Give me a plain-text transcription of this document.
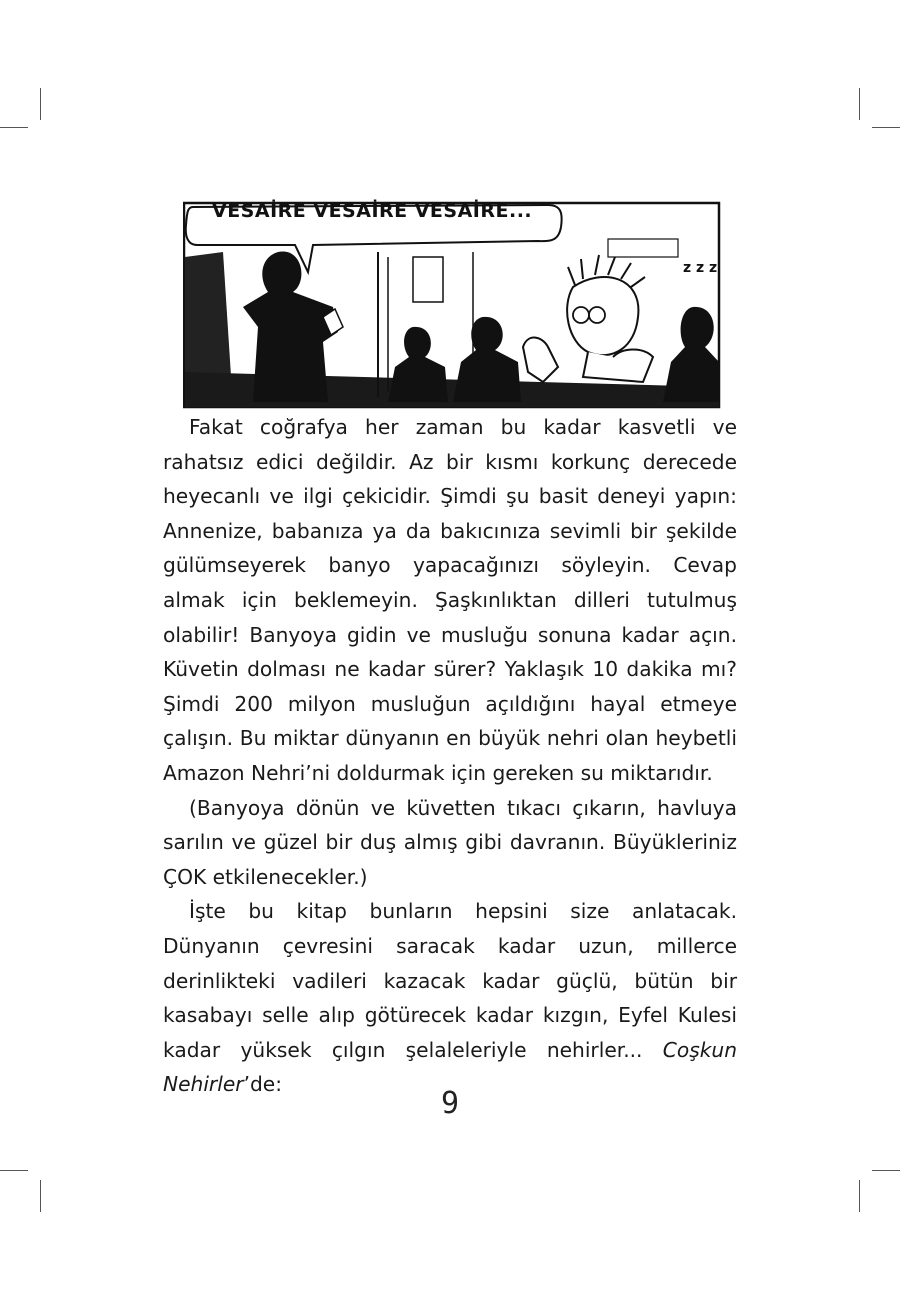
z z z
VESAİRE VESAİRE VESAİRE...

Fakat coğrafya her zaman bu kadar kasvetli ve rahatsız edici değildir. Az bir kısmı korkunç derecede heyecanlı ve ilgi çekicidir. Şimdi şu basit deneyi yapın: Annenize, babanıza ya da bakıcınıza sevimli bir şekilde gülümseyerek banyo yapacağınızı söyleyin. Cevap almak için beklemeyin. Şaşkınlıktan dilleri tutulmuş olabilir! Banyoya gidin ve musluğu sonuna kadar açın. Küvetin dolması ne kadar sürer? Yaklaşık 10 dakika mı? Şimdi 200 milyon musluğun açıldığını hayal etmeye çalışın. Bu miktar dünyanın en büyük nehri olan heybetli Amazon Nehri’ni doldurmak için gereken su miktarıdır.

(Banyoya dönün ve küvetten tıkacı çıkarın, havluya sarılın ve güzel bir duş almış gibi davranın. Büyükleriniz ÇOK etkilenecekler.)

İşte bu kitap bunların hepsini size anlatacak. Dünyanın çevresini saracak kadar uzun, millerce derinlikteki vadileri kazacak kadar güçlü, bütün bir kasabayı selle alıp götürecek kadar kızgın, Eyfel Kulesi kadar yüksek çılgın şelaleleriyle nehirler... Coşkun Nehirler’de:

9
